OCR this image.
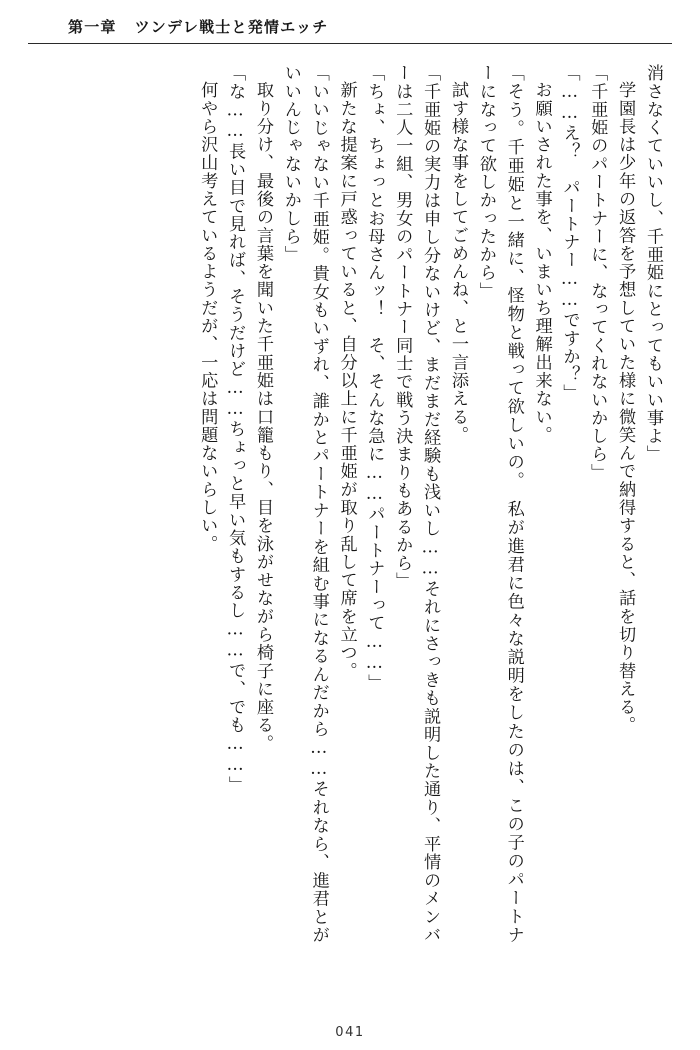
第一章 ツンデレ戦士と発情エッチ

消さなくていいし、千亜姫にとってもいい事よ」

学園長は少年の返答を予想していた様に微笑んで納得すると、話を切り替える。

「千亜姫のパートナーに、なってくれないかしら」

「……え？　パートナー……ですか？」

お願いされた事を、いまいち理解出来ない。

「そう。千亜姫と一緒に、怪物と戦って欲しいの。　私が進君に色々な説明をしたのは、この子のパートナーになって欲しかったから」

試す様な事をしてごめんね、と一言添える。

「千亜姫の実力は申し分ないけど、まだまだ経験も浅いし……それにさっきも説明した通り、平情のメンバーは二人一組、男女のパートナー同士で戦う決まりもあるから」

「ちょ、ちょっとお母さんッ！　そ、そんな急に……パートナーって……」

新たな提案に戸惑っていると、自分以上に千亜姫が取り乱して席を立つ。

「いいじゃない千亜姫。貴女もいずれ、誰かとパートナーを組む事になるんだから……それなら、進君とがいいんじゃないかしら」

取り分け、最後の言葉を聞いた千亜姫は口籠もり、目を泳がせながら椅子に座る。

「な……長い目で見れば、そうだけど……ちょっと早い気もするし……で、でも……」

何やら沢山考えているようだが、一応は問題ないらしい。

041
